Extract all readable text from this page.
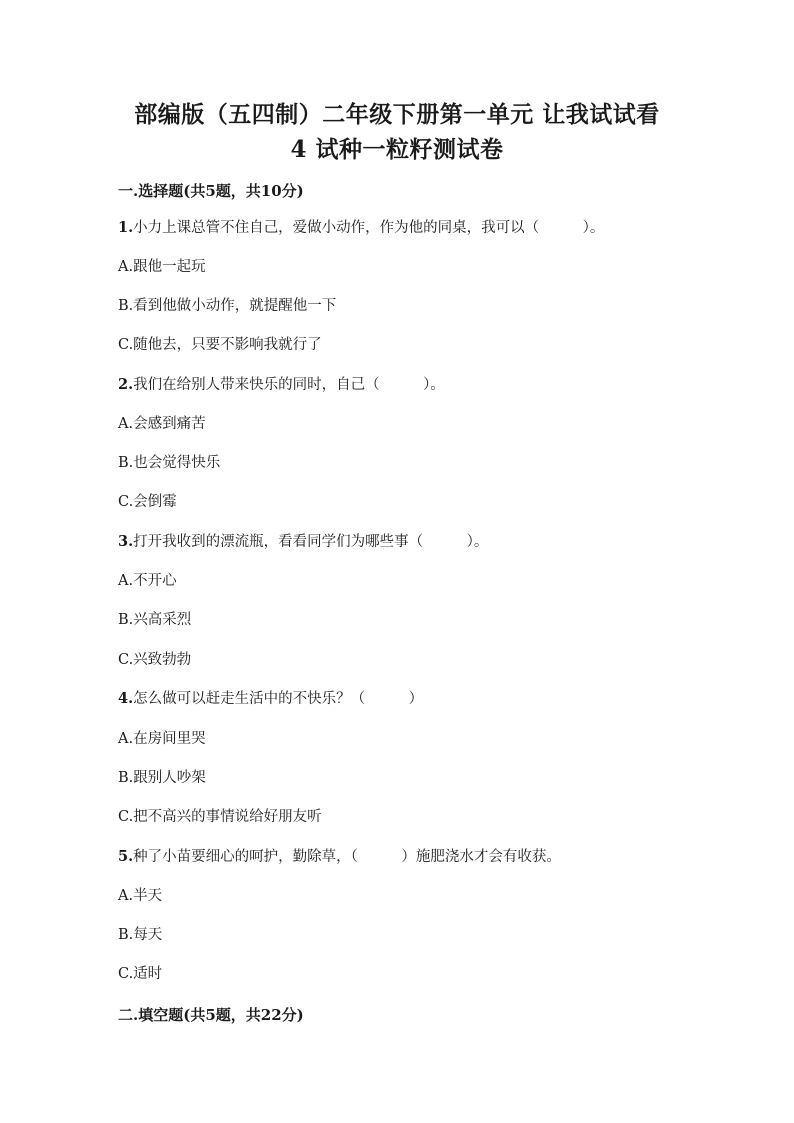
部编版（五四制）二年级下册第一单元 让我试试看
4 试种一粒籽测试卷
一.选择题(共5题，共10分)
1.小力上课总管不住自己，爱做小动作，作为他的同桌，我可以（　　　）。
A.跟他一起玩
B.看到他做小动作，就提醒他一下
C.随他去，只要不影响我就行了
2.我们在给别人带来快乐的同时，自己（　　　）。
A.会感到痛苦
B.也会觉得快乐
C.会倒霉
3.打开我收到的漂流瓶，看看同学们为哪些事（　　　）。
A.不开心
B.兴高采烈
C.兴致勃勃
4.怎么做可以赶走生活中的不快乐？（　　　）
A.在房间里哭
B.跟别人吵架
C.把不高兴的事情说给好朋友听
5.种了小苗要细心的呵护，勤除草，（　　　）施肥浇水才会有收获。
A.半天
B.每天
C.适时
二.填空题(共5题，共22分)
